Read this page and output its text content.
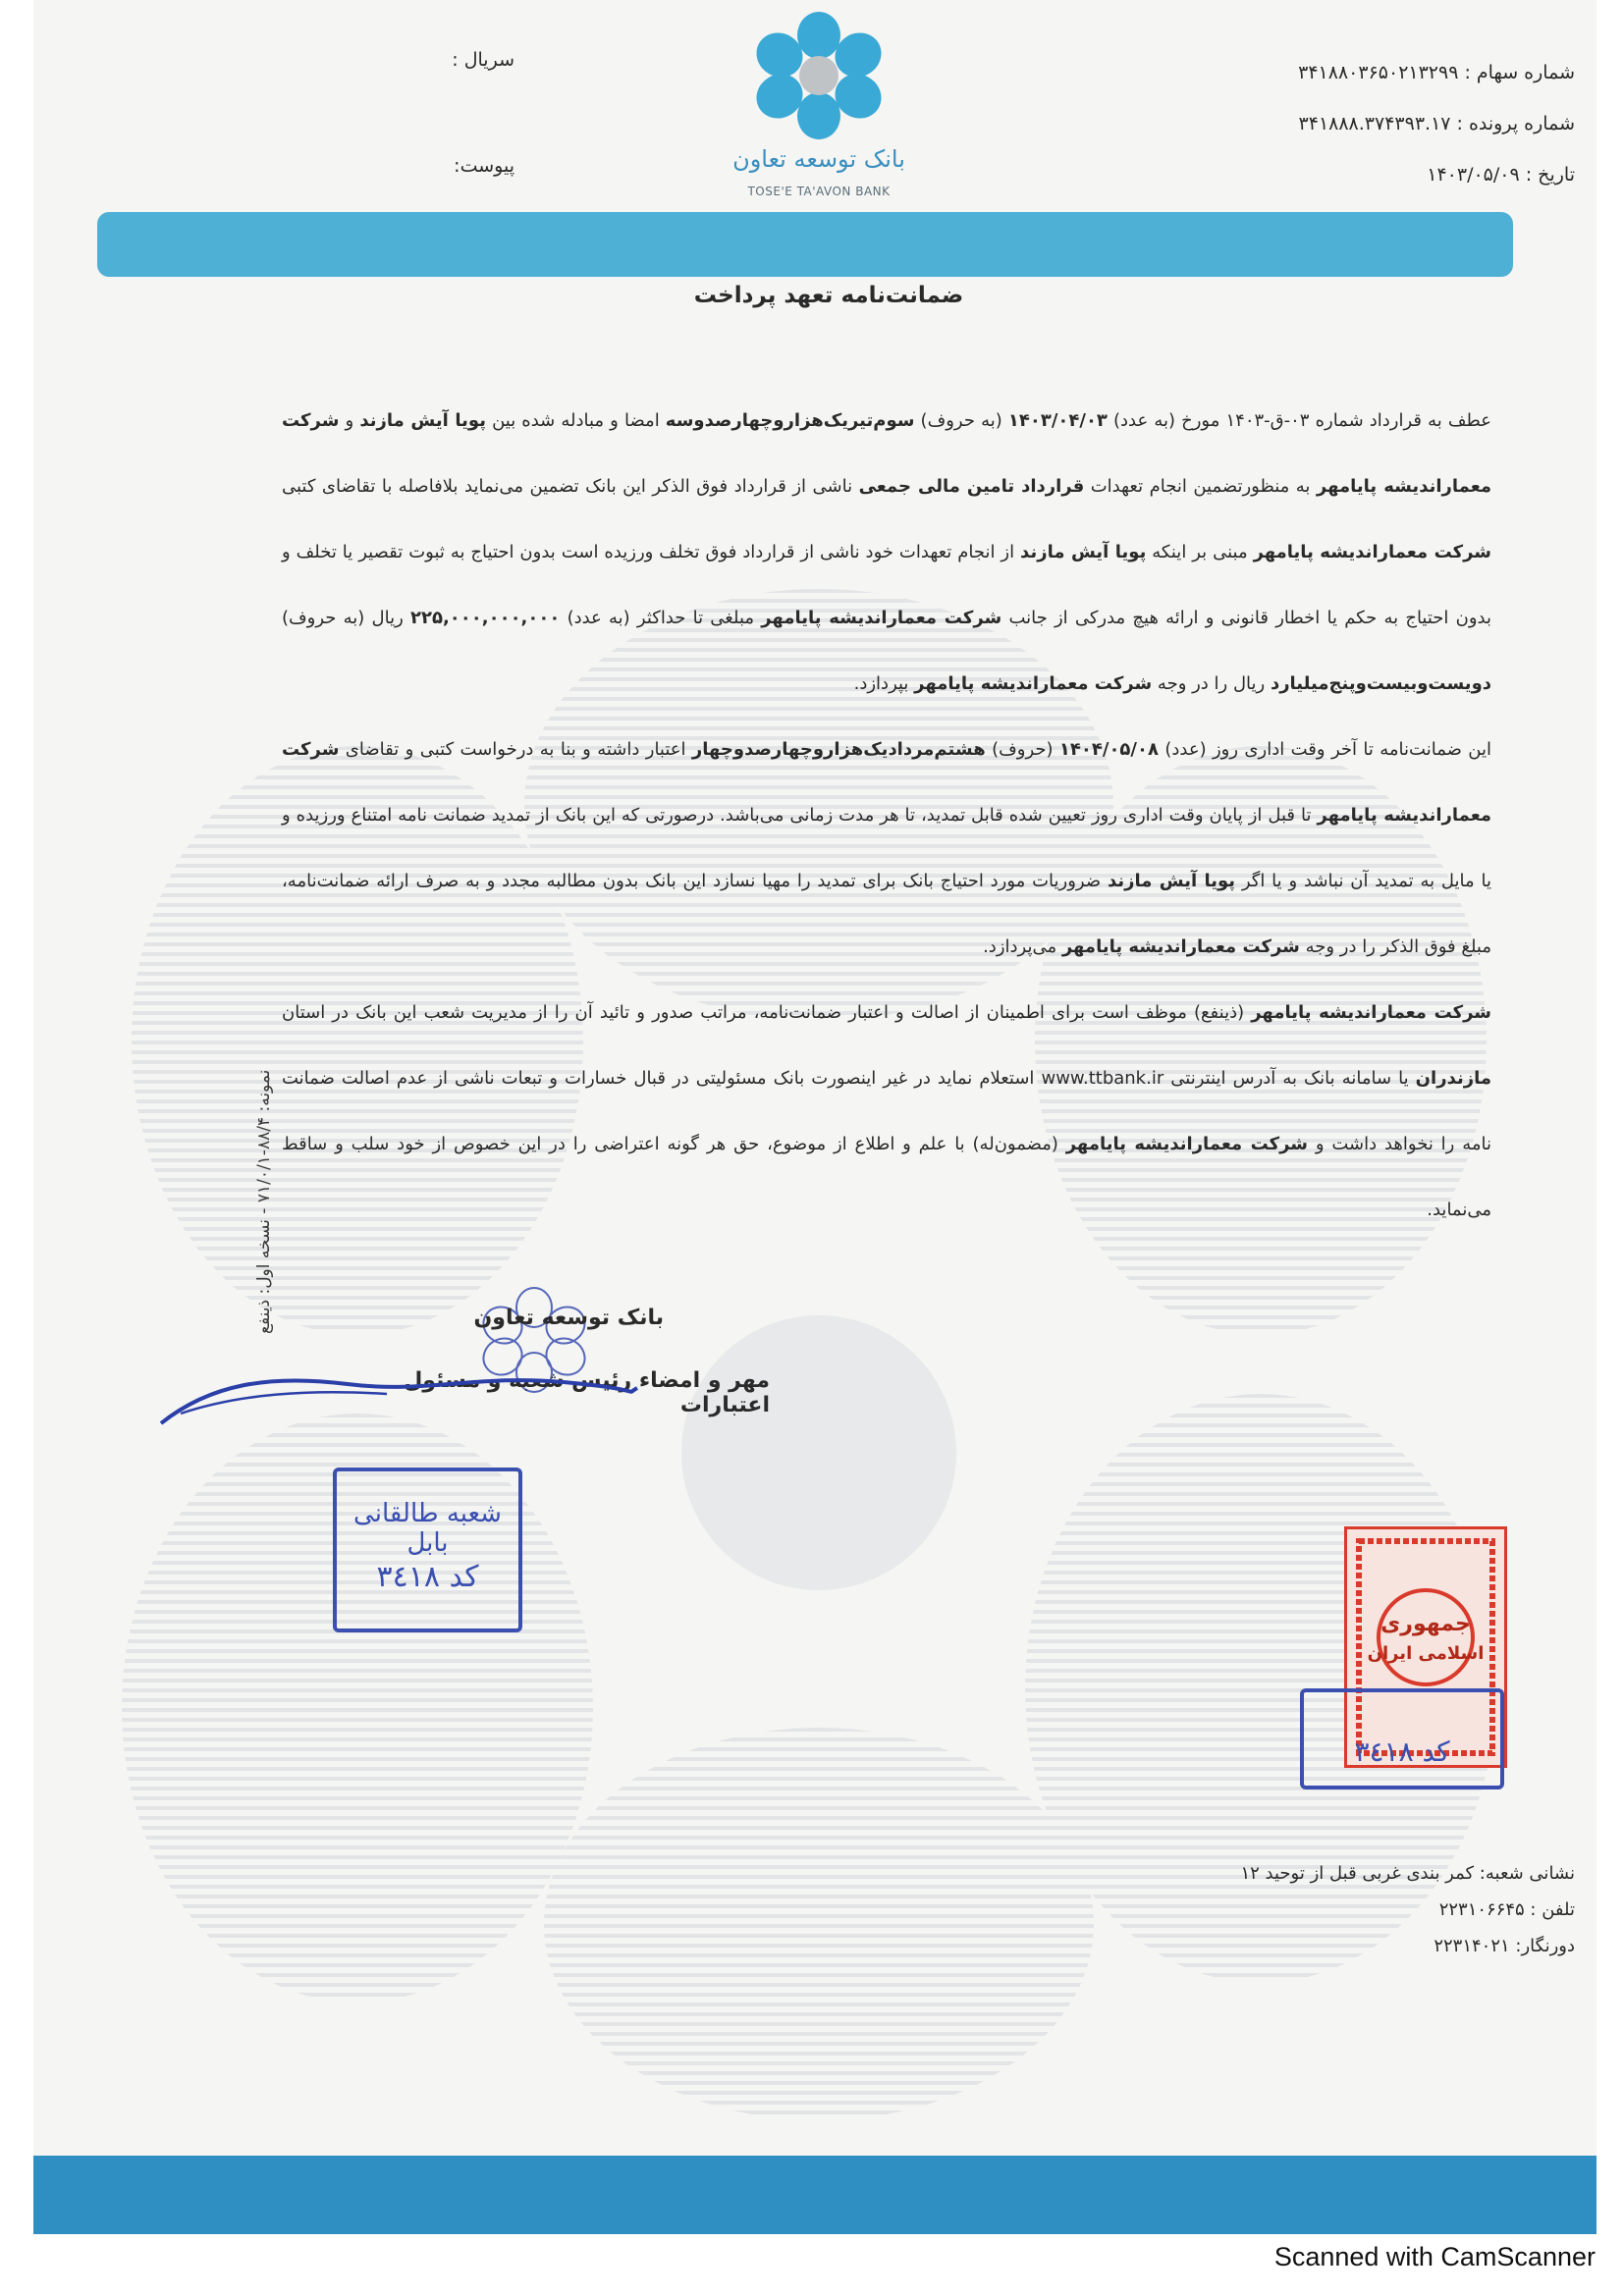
شماره سهام : ۳۴۱۸۸۰۳۶۵۰۲۱۳۲۹۹
شماره پرونده : ۳۴۱۸۸۸.۳۷۴۳۹۳.۱۷
تاریخ : ۱۴۰۳/۰۵/۰۹
سریال :
پیوست:	بانک توسعه تعاون
TOSE'E TA'AVON BANK
ضمانت‌نامه تعهد پرداخت

عطف به قرارداد شماره ۰۳-ق-۱۴۰۳ مورخ (به عدد) ۱۴۰۳/۰۴/۰۳ (به حروف) سوم‌تیریک‌هزاروچهارصدوسه امضا و مبادله شده بین پویا آیش مازند و شرکت معمارانديشه پايامهر به منظورتضمین انجام تعهدات قرارداد تامین مالی جمعی ناشی از قرارداد فوق الذکر این بانک تضمین می‌نماید بلافاصله با تقاضای کتبی شرکت معمارانديشه پايامهر مبنی بر اینکه پویا آیش مازند از انجام تعهدات خود ناشی از قرارداد فوق تخلف ورزیده است بدون احتیاج به ثبوت تقصیر یا تخلف و بدون احتیاج به حکم یا اخطار قانونی و ارائه هیچ مدرکی از جانب شرکت معمارانديشه پايامهر مبلغی تا حداکثر (به عدد) ۲۲۵,۰۰۰,۰۰۰,۰۰۰ ریال (به حروف) دویست‌وبیست‌وپنج‌میلیارد ریال را در وجه شرکت معمارانديشه پايامهر بپردازد.

این ضمانت‌نامه تا آخر وقت اداری روز (عدد) ۱۴۰۴/۰۵/۰۸ (حروف) هشتم‌مردادیک‌هزاروچهارصدوچهار اعتبار داشته و بنا به درخواست کتبی و تقاضای شرکت معمارانديشه پايامهر تا قبل از پایان وقت اداری روز تعیین شده قابل تمدید، تا هر مدت زمانی می‌باشد. درصورتی که این بانک از تمدید ضمانت نامه امتناع ورزیده و یا مایل به تمدید آن نباشد و یا اگر پویا آیش مازند ضروریات مورد احتیاج بانک برای تمدید را مهیا نسازد این بانک بدون مطالبه مجدد و به صرف ارائه ضمانت‌نامه، مبلغ فوق الذکر را در وجه شرکت معمارانديشه پايامهر می‌پردازد.

شرکت معمارانديشه پايامهر (ذینفع) موظف است برای اطمینان از اصالت و اعتبار ضمانت‌نامه، مراتب صدور و تائید آن را از مدیریت شعب این بانک در استان مازندران یا سامانه بانک به آدرس اینترنتی www.ttbank.ir استعلام نماید در غیر اینصورت بانک مسئولیتی در قبال خسارات و تبعات ناشی از عدم اصالت ضمانت نامه را نخواهد داشت و شرکت معمارانديشه پايامهر (مضمون‌له) با علم و اطلاع از موضوع، حق هر گونه اعتراضی را در این خصوص از خود سلب و ساقط می‌نماید.

نمونه: ۸۸/۴-۷۱/۰/۱ - نسخه اول: ذینفع
بانک توسعه تعاون
مهر و امضاء رئیس شعبه و مسئول اعتبارات
شعبه طالقانی بابل
کد ۳٤۱۸
جمهوری
اسلامی ایران
کد ۳٤۱۸
نشانی شعبه: کمر بندی غربی قبل از توحید ۱۲
تلفن : ۲۲۳۱۰۶۶۴۵
دورنگار: ۲۲۳۱۴۰۲۱
Scanned with CamScanner
